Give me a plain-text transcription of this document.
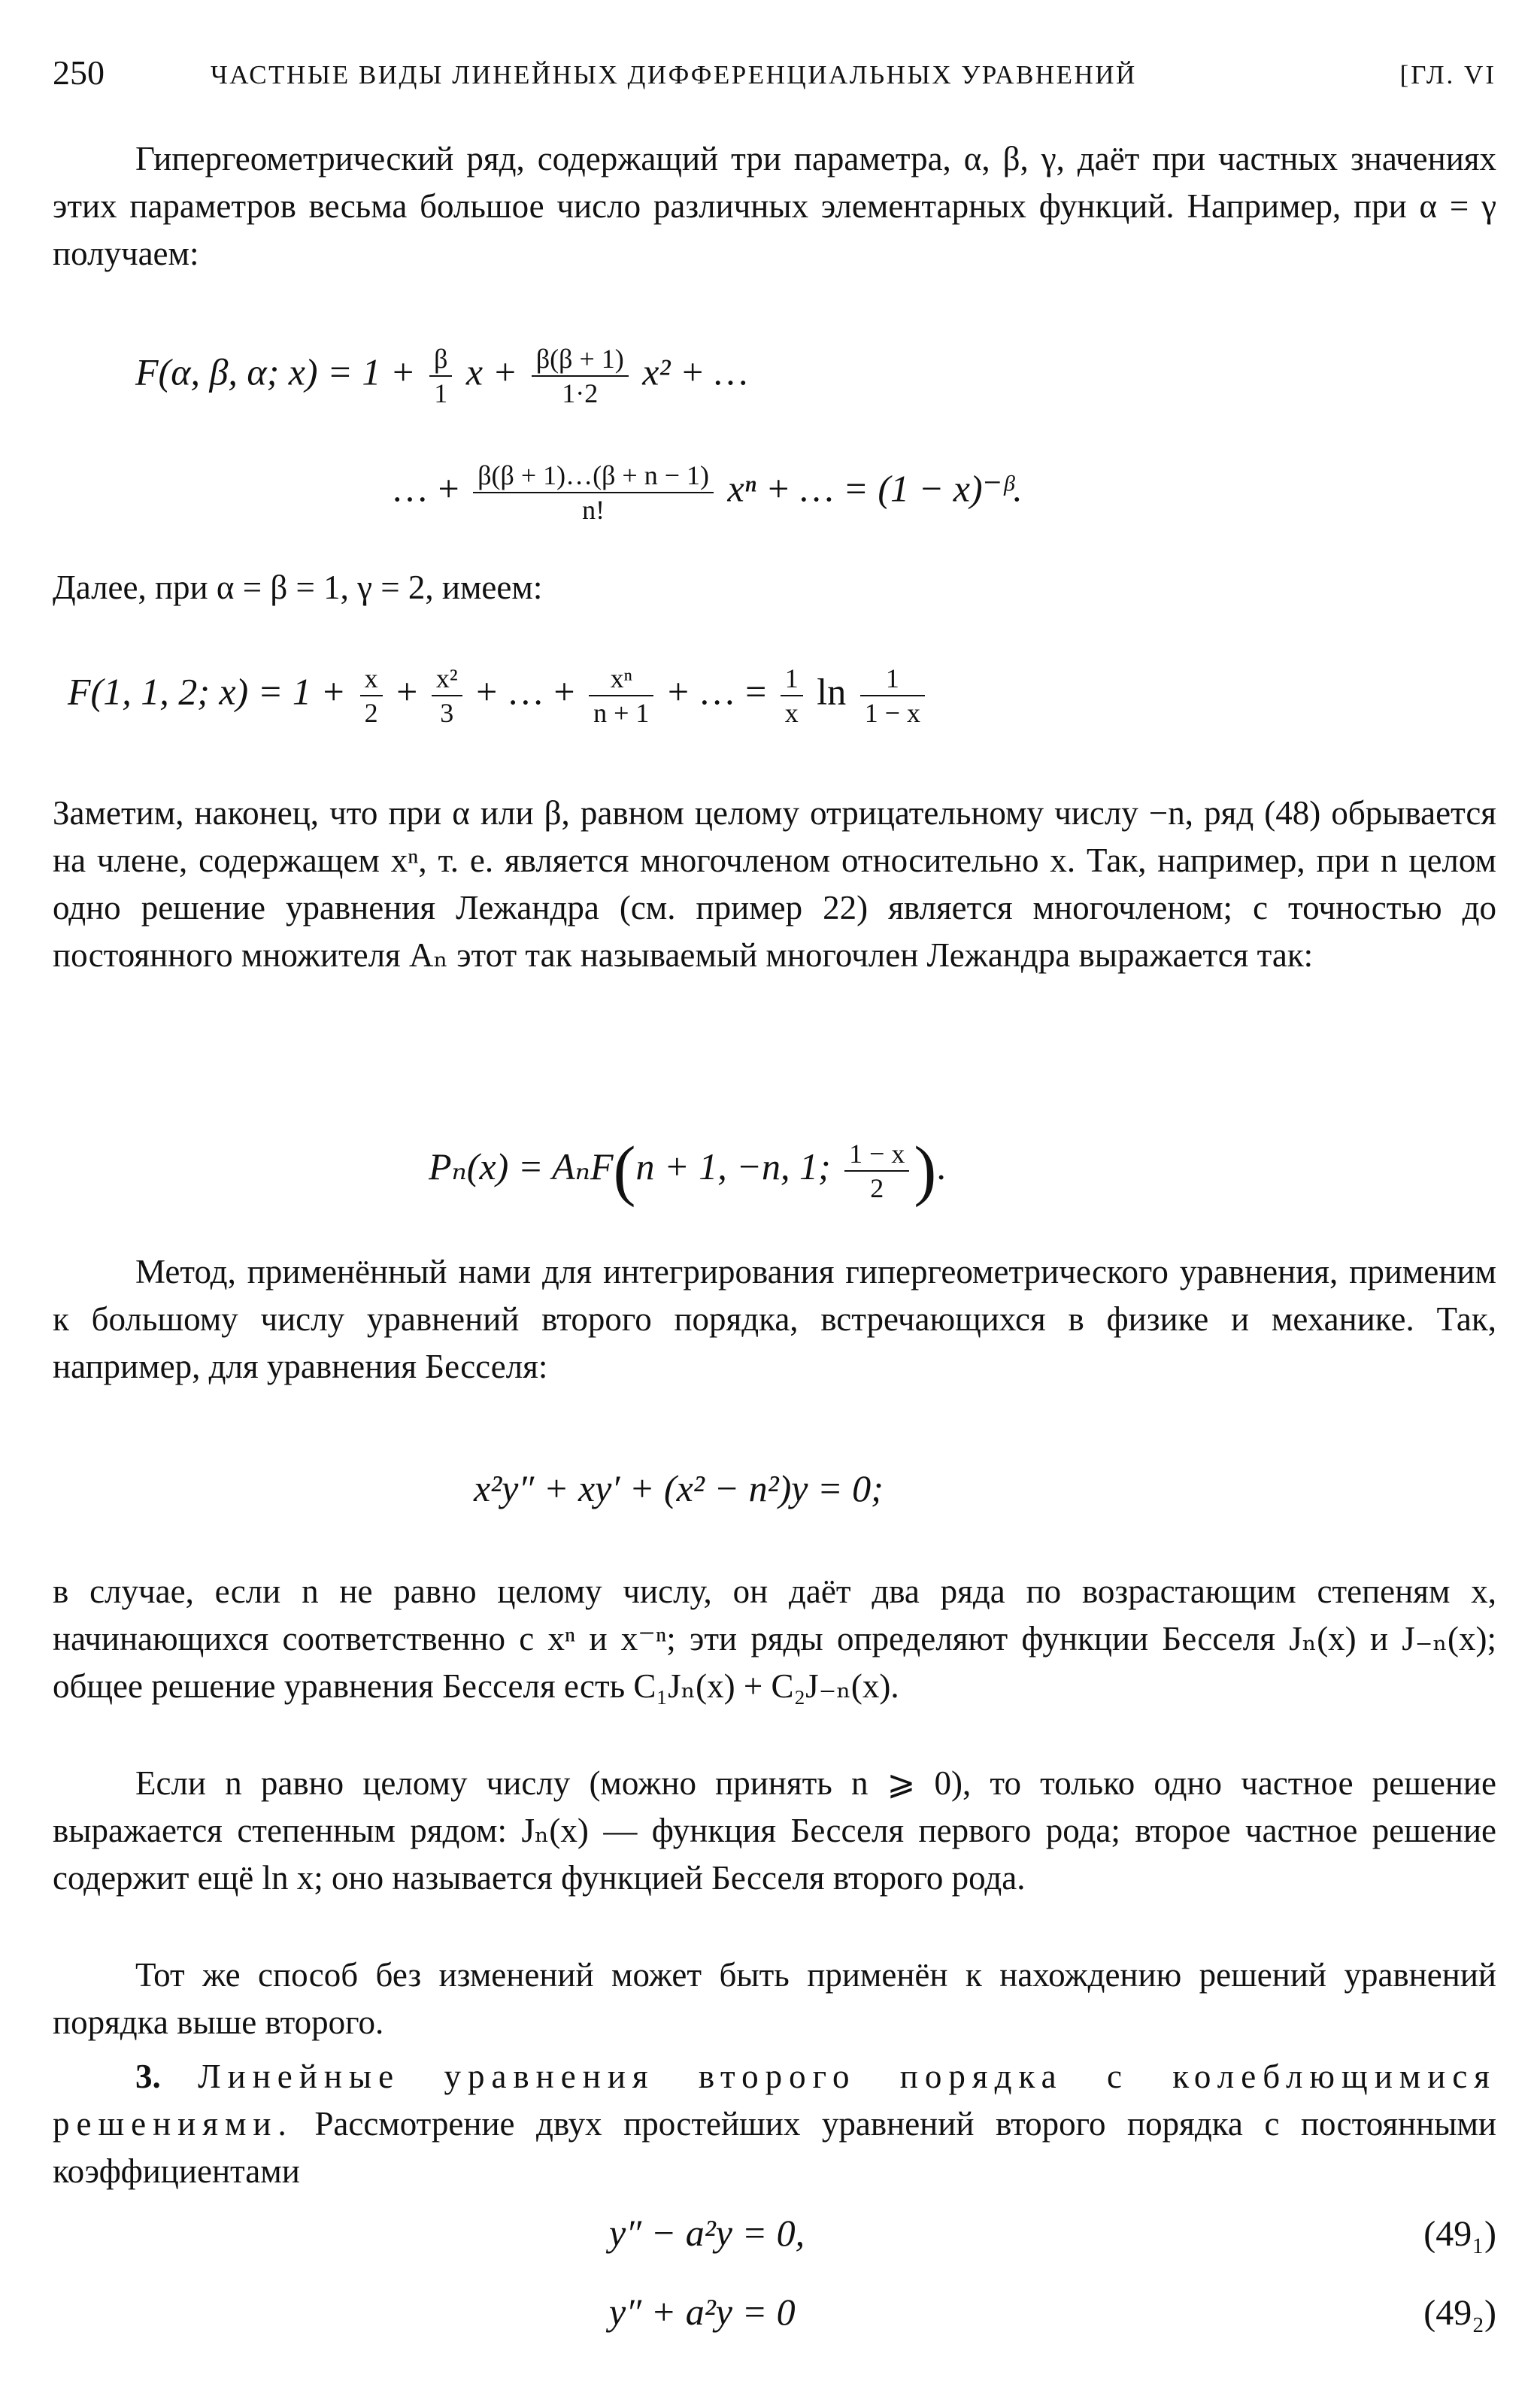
250	ЧАСТНЫЕ ВИДЫ ЛИНЕЙНЫХ ДИФФЕРЕНЦИАЛЬНЫХ УРАВНЕНИЙ	[ГЛ. VI

Гипергеометрический ряд, содержащий три параметра, α, β, γ, даёт при частных значениях этих параметров весьма большое число различных элементарных функций. Например, при α = γ получаем:

F(α, β, α; $x) = 1 + \frac{\beta}{1}$ $x + \frac{\beta(\beta + 1)}{1\cdot 2} x^2$ + …
… + $\frac{\beta(\beta + 1)\dots(\beta + n - 1)}{n!}$ xⁿ + … = (1 − x)⁻ᵝ.

Далее, при α = β = 1, γ = 2, имеем:

F(1, 1, 2; $x) = 1 + \frac{x}{2} + \frac{\text{x²}}{3}$ + … + $\frac{\text{xⁿ}}{n + 1}$ + … = $\frac{1}{x}$ $\ln \frac{1}{1 - x}$

Заметим, наконец, что при α или β, равном целому отрицательному числу −n, ряд (48) обрывается на члене, содержащем xⁿ, т. е. является многочленом относительно x. Так, например, при n целом одно решение уравнения Лежандра (см. пример 22) является многочленом; с точностью до постоянного множителя Aₙ этот так называемый многочлен Лежандра выражается так:

Pₙ(x) = AₙF(n + 1, −n, 1; $\frac{1 - x}{2}$ ).

Метод, применённый нами для интегрирования гипергеометрического уравнения, применим к большому числу уравнений второго порядка, встречающихся в физике и механике. Так, например, для уравнения Бесселя:

x²y″ + xy′ + (x² − n²)y = 0;

в случае, если n не равно целому числу, он даёт два ряда по возрастающим степеням x, начинающихся соответственно с xⁿ и x⁻ⁿ; эти ряды определяют функции Бесселя Jₙ(x) и J₋ₙ(x); общее решение уравнения Бесселя есть C₁Jₙ(x) + C₂J₋ₙ(x).

Если n равно целому числу (можно принять n ⩾ 0), то только одно частное решение выражается степенным рядом: Jₙ(x) — функция Бесселя первого рода; второе частное решение содержит ещё ln x; оно называется функцией Бесселя второго рода.

Тот же способ без изменений может быть применён к нахождению решений уравнений порядка выше второго.

3. Линейные уравнения второго порядка с колеблющимися решениями. Рассмотрение двух простейших уравнений второго порядка с постоянными коэффициентами

y″ − a²y = 0,	(49₁)
y″ + a²y = 0	(49₂)
